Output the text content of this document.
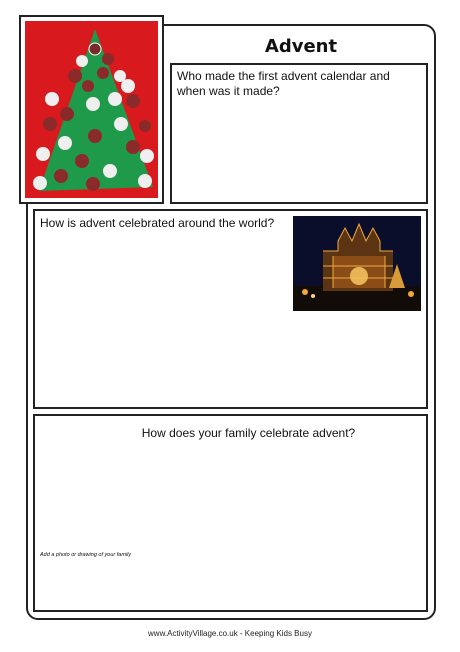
Advent

Who made the first advent calendar and when was it made?

How is advent celebrated around the world?

How does your family celebrate advent?

Add a photo or drawing of your family
www.ActivityVillage.co.uk - Keeping Kids Busy
